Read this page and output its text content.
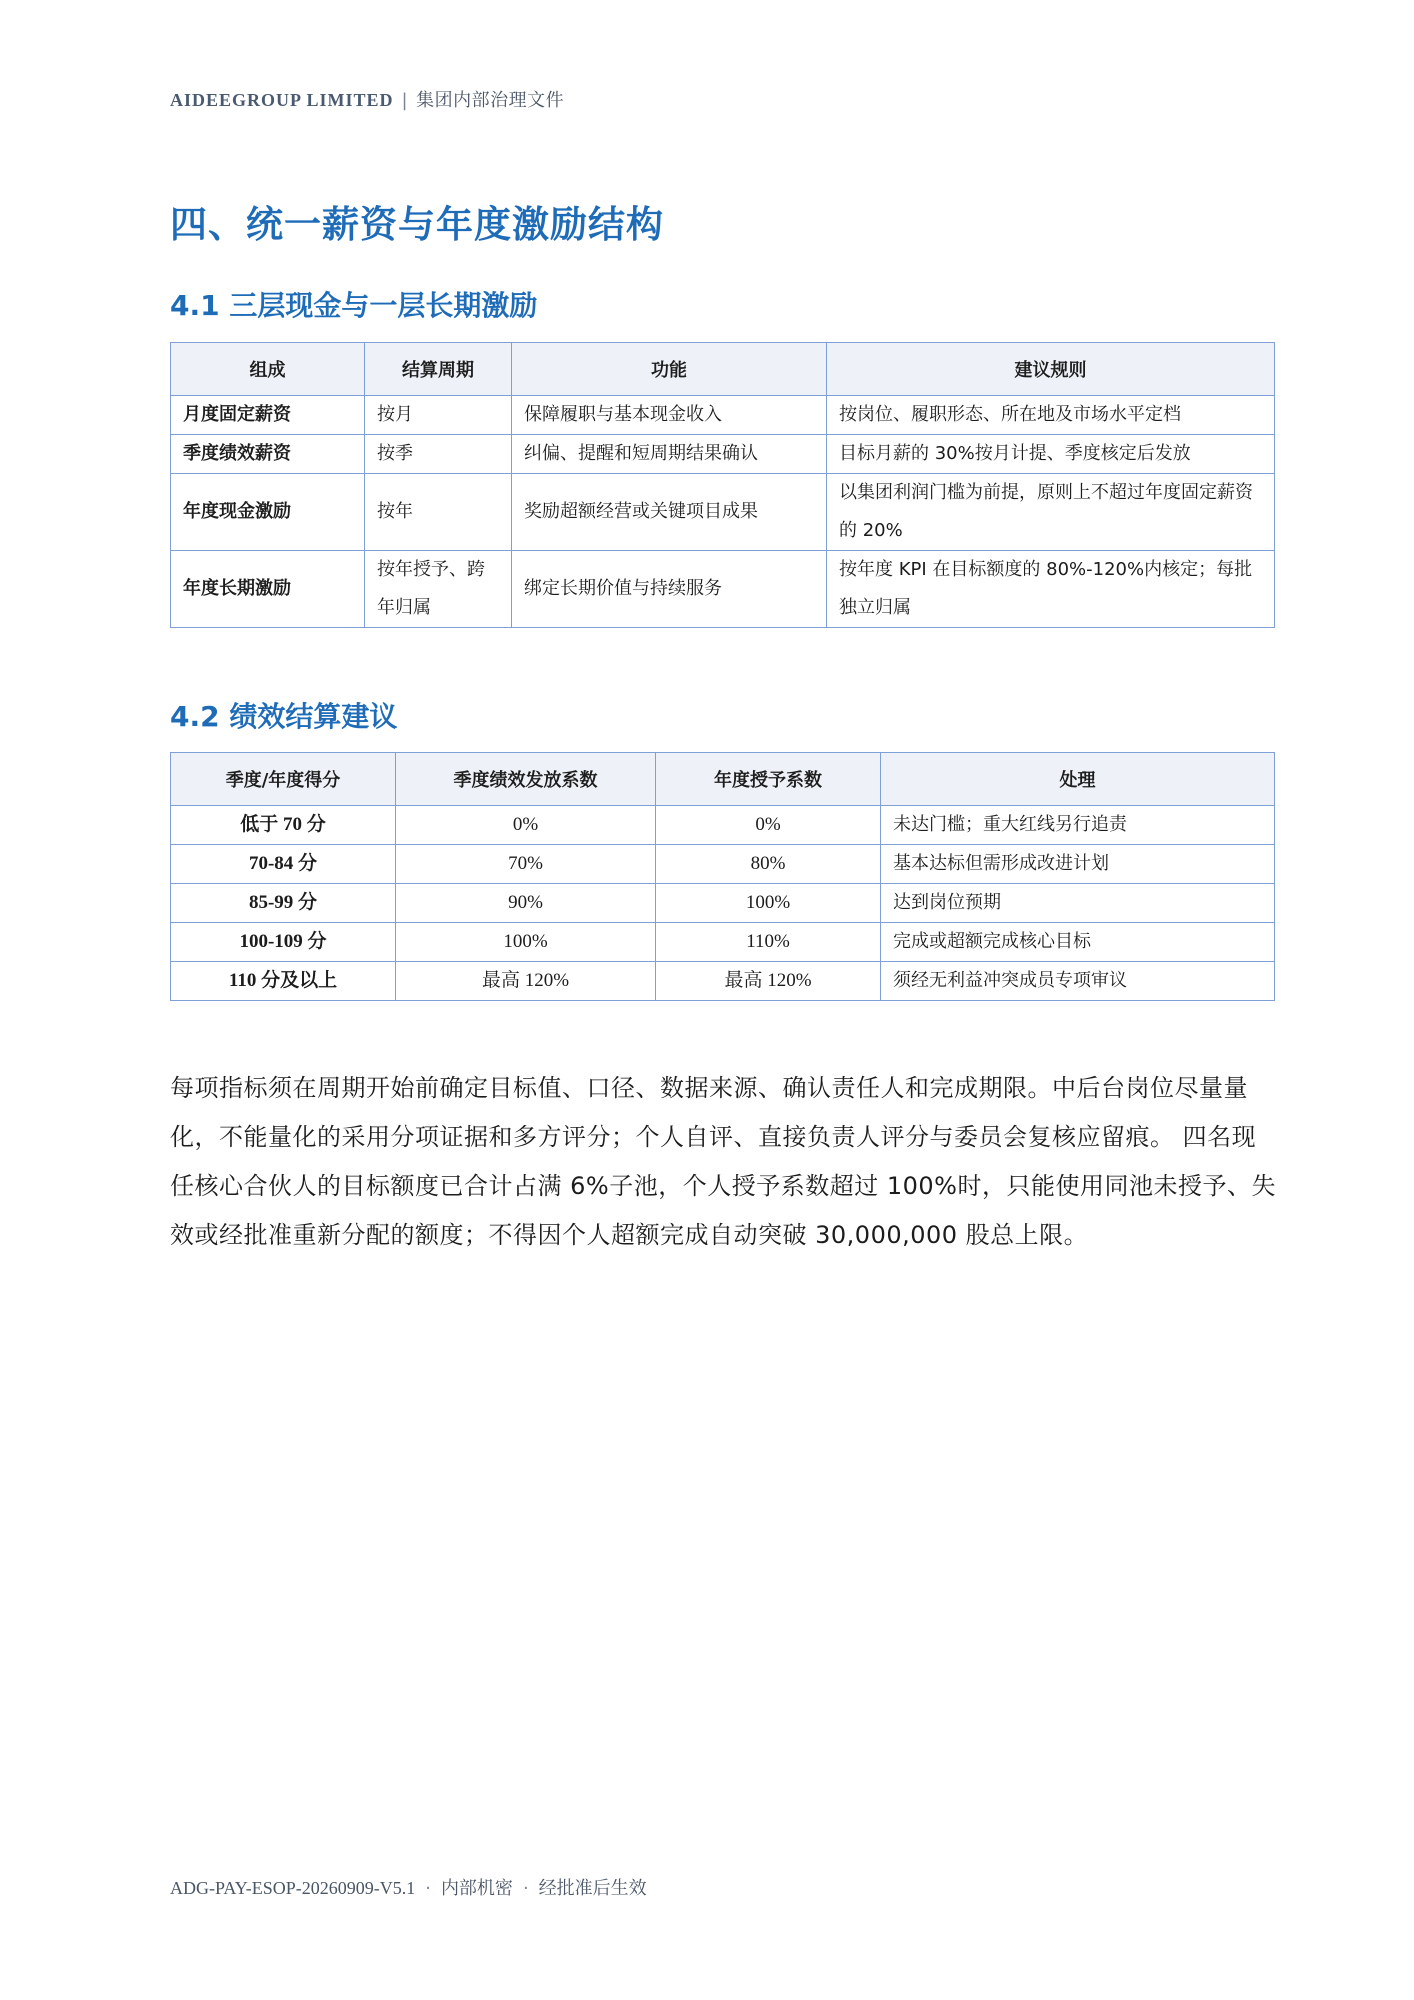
AIDEEGROUP LIMITED | 集团内部治理文件
四、统一薪资与年度激励结构
4.1 三层现金与一层长期激励
组成	结算周期	功能	建议规则
月度固定薪资	按月	保障履职与基本现金收入	按岗位、履职形态、所在地及市场水平定档
季度绩效薪资	按季	纠偏、提醒和短周期结果确认	目标月薪的 30%按月计提、季度核定后发放
年度现金激励	按年	奖励超额经营或关键项目成果	以集团利润门槛为前提，原则上不超过年度固定薪资的 20%
年度长期激励	按年授予、跨年归属	绑定长期价值与持续服务	按年度 KPI 在目标额度的 80%-120%内核定；每批独立归属
4.2 绩效结算建议
季度/年度得分	季度绩效发放系数	年度授予系数	处理
低于 70 分	0%	0%	未达门槛；重大红线另行追责
70-84 分	70%	80%	基本达标但需形成改进计划
85-99 分	90%	100%	达到岗位预期
100-109 分	100%	110%	完成或超额完成核心目标
110 分及以上	最高 120%	最高 120%	须经无利益冲突成员专项审议

每项指标须在周期开始前确定目标值、口径、数据来源、确认责任人和完成期限。中后台岗位尽量量化，不能量化的采用分项证据和多方评分；个人自评、直接负责人评分与委员会复核应留痕。 四名现任核心合伙人的目标额度已合计占满 6%子池，个人授予系数超过 100%时，只能使用同池未授予、失效或经批准重新分配的额度；不得因个人超额完成自动突破 30,000,000 股总上限。

ADG-PAY-ESOP-20260909-V5.1 · 内部机密 · 经批准后生效
